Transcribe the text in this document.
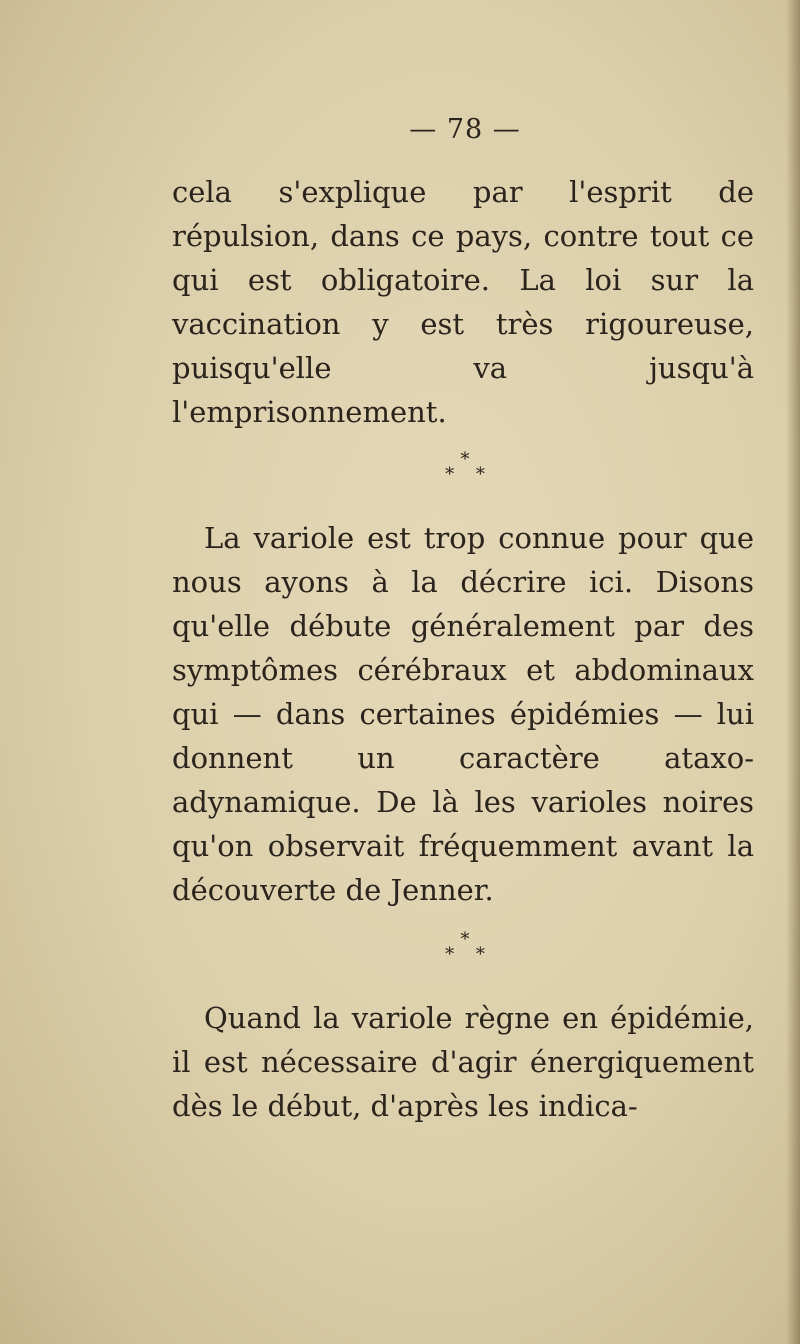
— 78 —

cela s'explique par l'esprit de répulsion, dans ce pays, contre tout ce qui est obligatoire. La loi sur la vaccination y est très rigoureuse, puisqu'elle va jusqu'à l'emprisonnement.

*
* *

La variole est trop connue pour que nous ayons à la décrire ici. Disons qu'elle débute généralement par des symptômes cérébraux et abdominaux qui — dans certaines épidémies — lui donnent un caractère ataxo-adynamique. De là les varioles noires qu'on observait fréquemment avant la découverte de Jenner.

*
* *

Quand la variole règne en épidémie, il est nécessaire d'agir énergiquement dès le début, d'après les indica-
